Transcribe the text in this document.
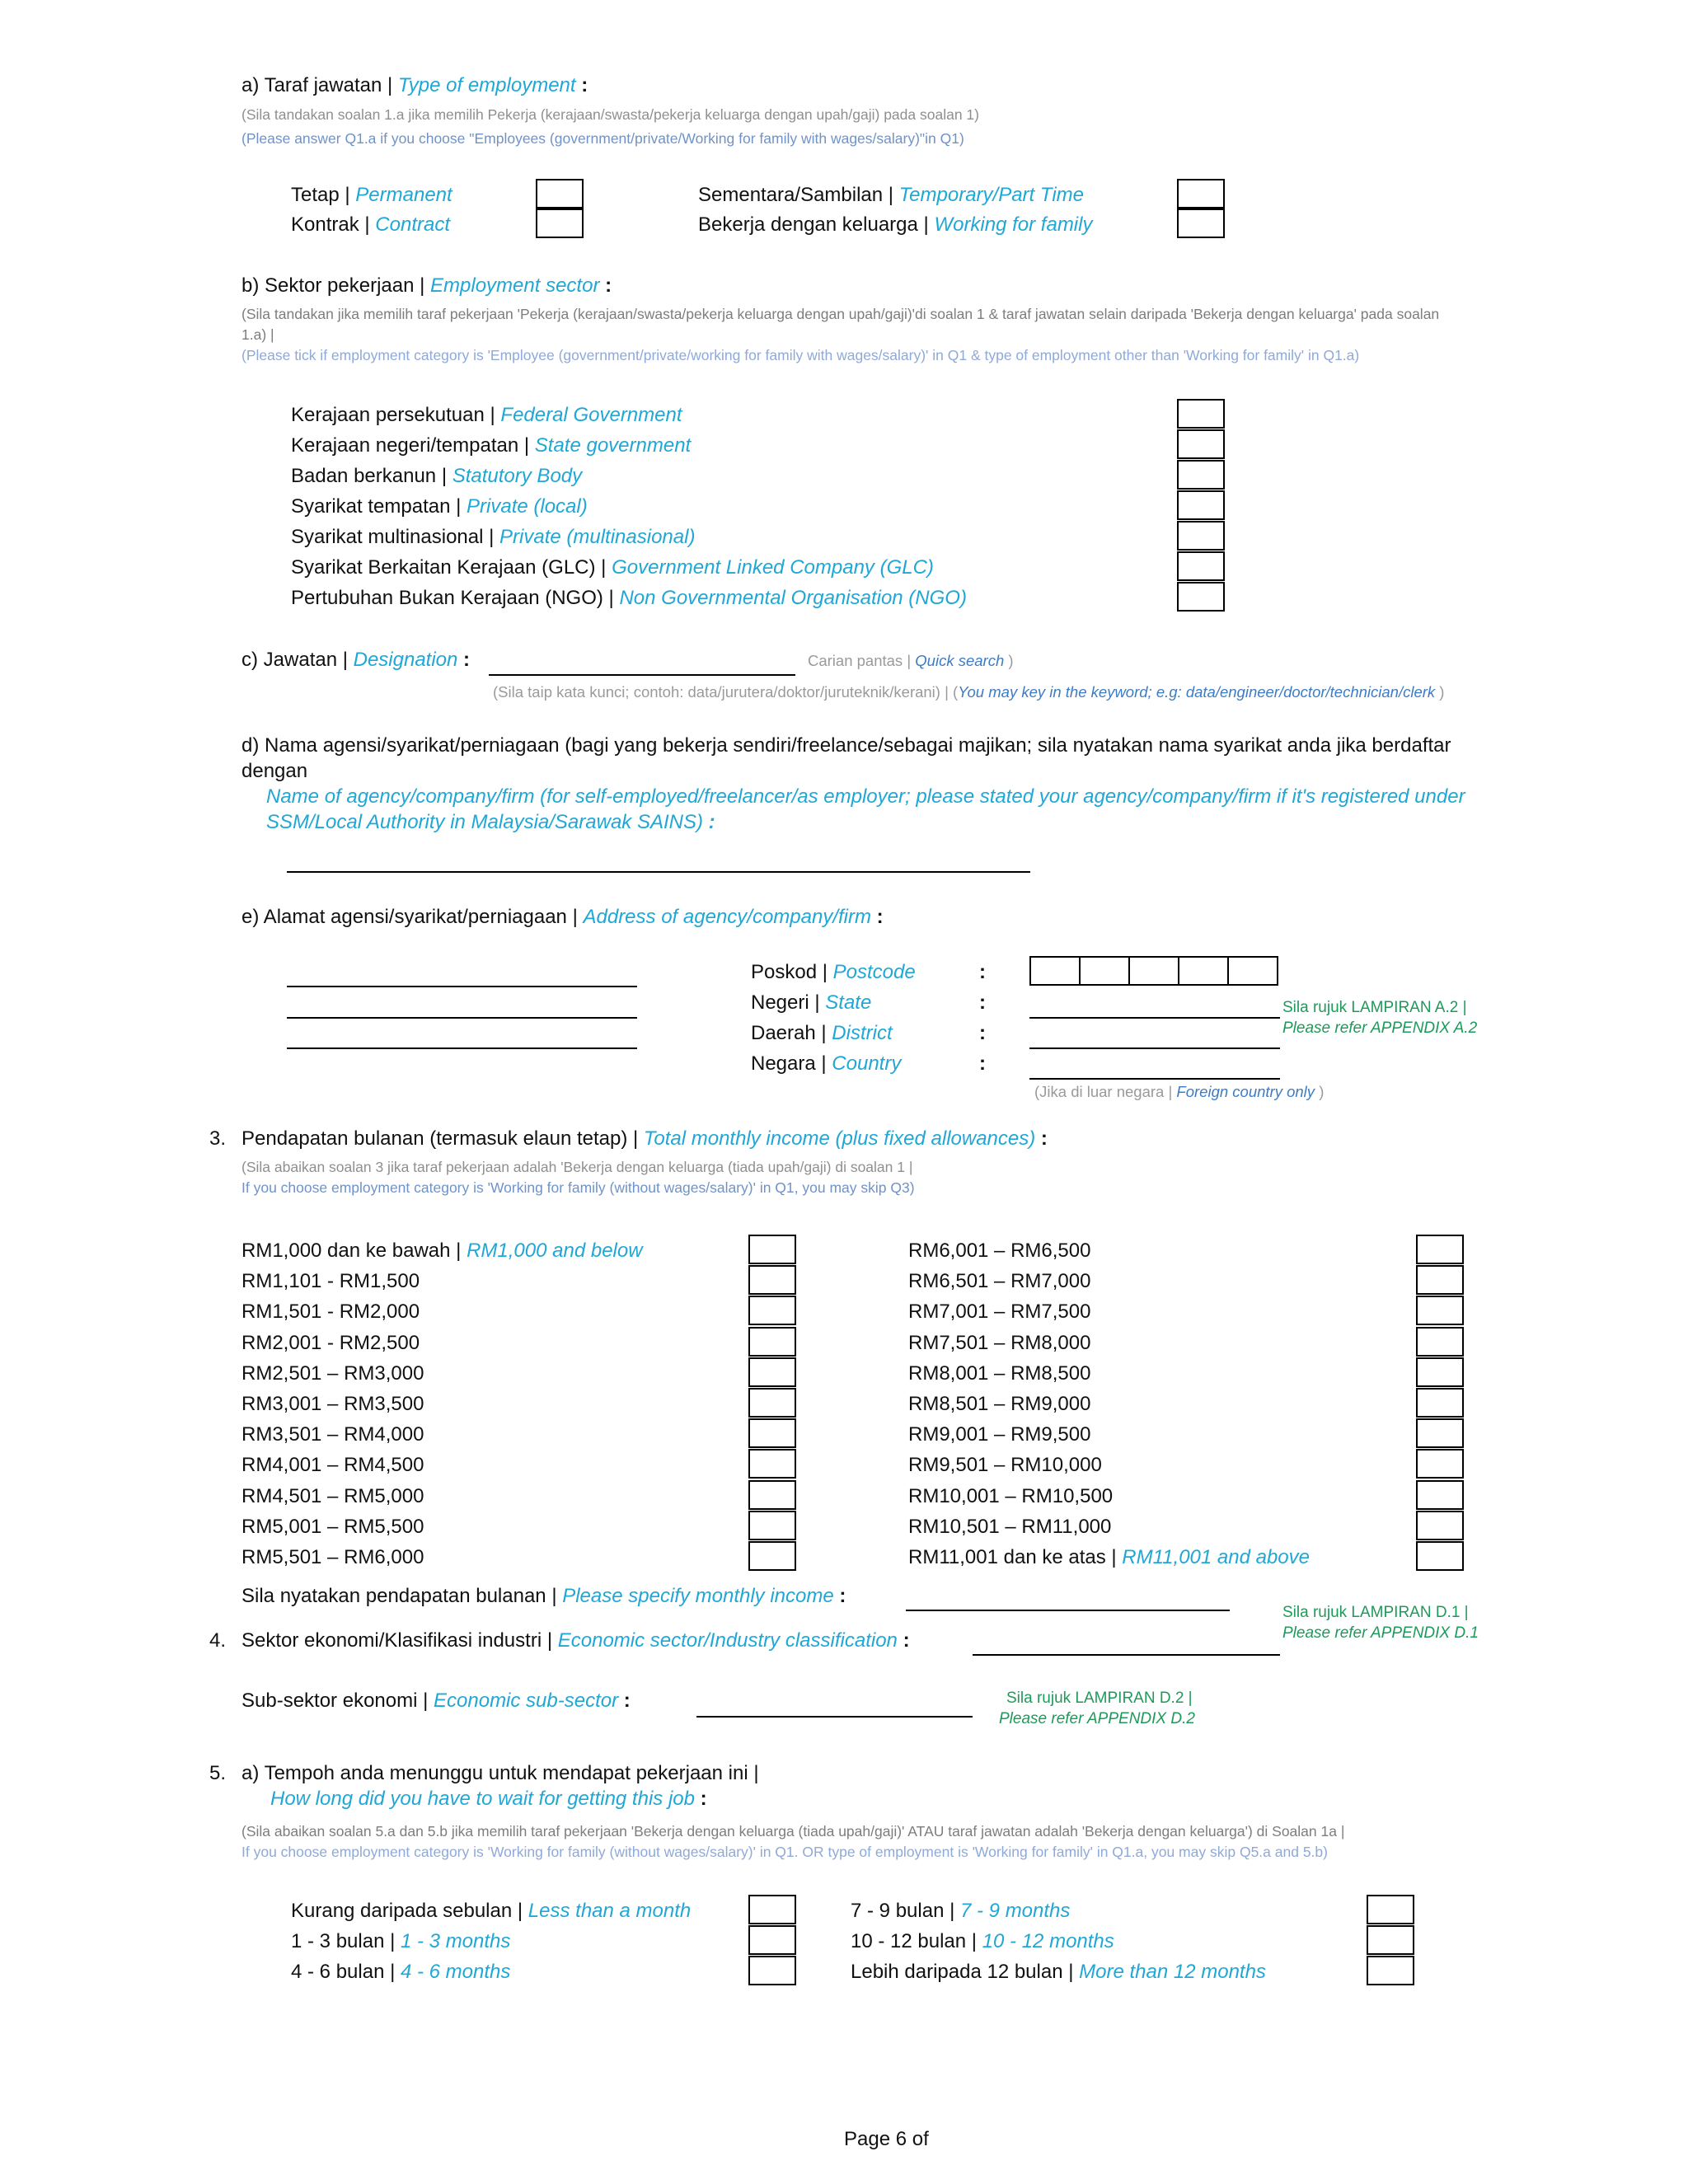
a) Taraf jawatan | Type of employment :
(Sila tandakan soalan 1.a jika memilih Pekerja (kerajaan/swasta/pekerja keluarga dengan upah/gaji) pada soalan 1)
(Please answer Q1.a if you choose "Employees (government/private/Working for family with wages/salary)"in Q1)
Tetap | Permanent
Kontrak | Contract
Sementara/Sambilan | Temporary/Part Time
Bekerja dengan keluarga | Working for family
b) Sektor pekerjaan | Employment sector :
(Sila tandakan jika memilih taraf pekerjaan 'Pekerja (kerajaan/swasta/pekerja keluarga dengan upah/gaji)'di soalan 1 & taraf jawatan selain daripada 'Bekerja dengan keluarga' pada soalan
1.a) |
(Please tick if employment category is 'Employee (government/private/working for family with wages/salary)' in Q1 & type of employment other than 'Working for family' in Q1.a)
Kerajaan persekutuan | Federal Government
Kerajaan negeri/tempatan | State government
Badan berkanun | Statutory Body
Syarikat tempatan | Private (local)
Syarikat multinasional | Private (multinasional)
Syarikat Berkaitan Kerajaan (GLC) | Government Linked Company (GLC)
Pertubuhan Bukan Kerajaan (NGO) | Non Governmental Organisation (NGO)
c) Jawatan | Designation :	Carian pantas | Quick search )
(Sila taip kata kunci; contoh: data/jurutera/doktor/juruteknik/kerani) | (You may key in the keyword; e.g: data/engineer/doctor/technician/clerk )
d) Nama agensi/syarikat/perniagaan (bagi yang bekerja sendiri/freelance/sebagai majikan; sila nyatakan nama syarikat anda jika berdaftar
dengan
Name of agency/company/firm (for self-employed/freelancer/as employer; please stated your agency/company/firm if it's registered under
SSM/Local Authority in Malaysia/Sarawak SAINS) :
e) Alamat agensi/syarikat/perniagaan | Address of agency/company/firm :
Poskod | Postcode
Negeri | State
Daerah | District
Negara | Country
:
:
:
:
Sila rujuk LAMPIRAN A.2 |
Please refer APPENDIX A.2
(Jika di luar negara | Foreign country only )
3. Pendapatan bulanan (termasuk elaun tetap) | Total monthly income (plus fixed allowances) :
(Sila abaikan soalan 3 jika taraf pekerjaan adalah 'Bekerja dengan keluarga (tiada upah/gaji) di soalan 1 |
If you choose employment category is 'Working for family (without wages/salary)' in Q1, you may skip Q3)
RM1,000 dan ke bawah | RM1,000 and below
RM1,101 - RM1,500
RM1,501 - RM2,000
RM2,001 - RM2,500
RM2,501 – RM3,000
RM3,001 – RM3,500
RM3,501 – RM4,000
RM4,001 – RM4,500
RM4,501 – RM5,000
RM5,001 – RM5,500
RM5,501 – RM6,000
RM6,001 – RM6,500
RM6,501 – RM7,000
RM7,001 – RM7,500
RM7,501 – RM8,000
RM8,001 – RM8,500
RM8,501 – RM9,000
RM9,001 – RM9,500
RM9,501 – RM10,000
RM10,001 – RM10,500
RM10,501 – RM11,000
RM11,001 dan ke atas | RM11,001 and above
Sila nyatakan pendapatan bulanan | Please specify monthly income :
Sila rujuk LAMPIRAN D.1 |
Please refer APPENDIX D.1
4. Sektor ekonomi/Klasifikasi industri | Economic sector/Industry classification :
Sub-sektor ekonomi | Economic sub-sector :	Sila rujuk LAMPIRAN D.2 |
Please refer APPENDIX D.2
5. a) Tempoh anda menunggu untuk mendapat pekerjaan ini |
How long did you have to wait for getting this job :
(Sila abaikan soalan 5.a dan 5.b jika memilih taraf pekerjaan 'Bekerja dengan keluarga (tiada upah/gaji)' ATAU taraf jawatan adalah 'Bekerja dengan keluarga') di Soalan 1a |
If you choose employment category is 'Working for family (without wages/salary)' in Q1. OR type of employment is 'Working for family' in Q1.a, you may skip Q5.a and 5.b)
Kurang daripada sebulan | Less than a month
1 - 3 bulan | 1 - 3 months
4 - 6 bulan | 4 - 6 months
7 - 9 bulan | 7 - 9 months
10 - 12 bulan | 10 - 12 months
Lebih daripada 12 bulan | More than 12 months
Page 6 of
